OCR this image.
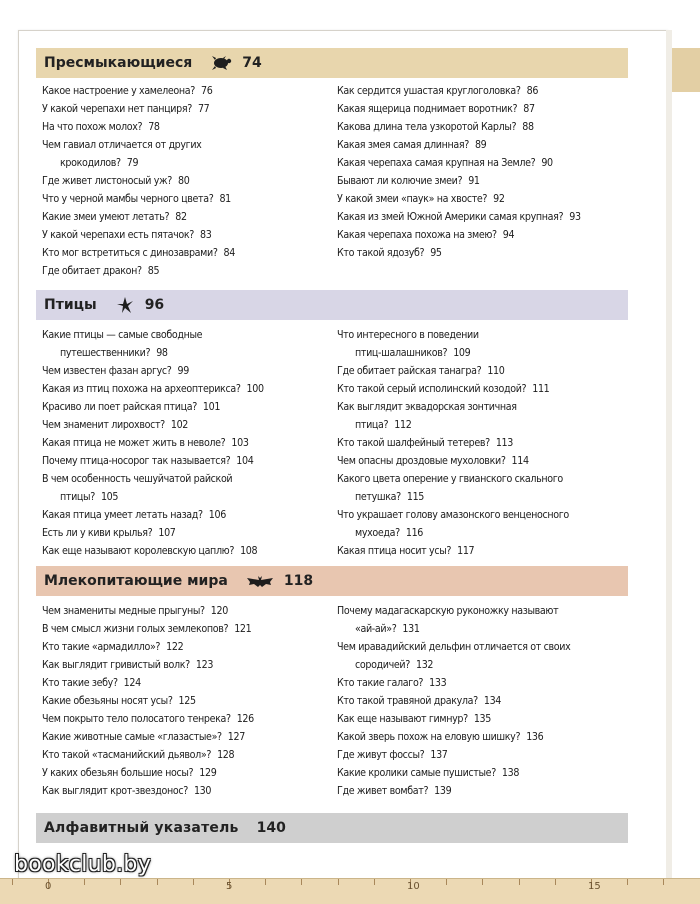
Пресмыкающиеся	74
Какое настроение у хамелеона? 76
У какой черепахи нет панциря? 77
На что похож молох? 78
Чем гавиал отличается от других
крокодилов? 79
Где живет листоносый уж? 80
Что у черной мамбы черного цвета? 81
Какие змеи умеют летать? 82
У какой черепахи есть пятачок? 83
Кто мог встретиться с динозаврами? 84
Где обитает дракон? 85
Как сердится ушастая круглоголовка? 86
Какая ящерица поднимает воротник? 87
Какова длина тела узкоротой Карлы? 88
Какая змея самая длинная? 89
Какая черепаха самая крупная на Земле? 90
Бывают ли колючие змеи? 91
У какой змеи «паук» на хвосте? 92
Какая из змей Южной Америки самая крупная? 93
Какая черепаха похожа на змею? 94
Кто такой ядозуб? 95
Птицы	96
Какие птицы — самые свободные
путешественники? 98
Чем известен фазан аргус? 99
Какая из птиц похожа на археоптерикса? 100
Красиво ли поет райская птица? 101
Чем знаменит лирохвост? 102
Какая птица не может жить в неволе? 103
Почему птица-носорог так называется? 104
В чем особенность чешуйчатой райской
птицы? 105
Какая птица умеет летать назад? 106
Есть ли у киви крылья? 107
Как еще называют королевскую цаплю? 108
Что интересного в поведении
птиц-шалашников? 109
Где обитает райская танагра? 110
Кто такой серый исполинский козодой? 111
Как выглядит эквадорская зонтичная
птица? 112
Кто такой шалфейный тетерев? 113
Чем опасны дроздовые мухоловки? 114
Какого цвета оперение у гвианского скального
петушка? 115
Что украшает голову амазонского венценосного
мухоеда? 116
Какая птица носит усы? 117
Млекопитающие мира	118
Чем знамениты медные прыгуны? 120
В чем смысл жизни голых землекопов? 121
Кто такие «армадиллo»? 122
Как выглядит гривистый волк? 123
Кто такие зебу? 124
Какие обезьяны носят усы? 125
Чем покрыто тело полосатого тенрека? 126
Какие животные самые «глазастые»? 127
Кто такой «тасманийский дьявол»? 128
У каких обезьян большие носы? 129
Как выглядит крот-звездонос? 130
Почему мадагаскарскую руконожку называют
«ай-ай»? 131
Чем иравадийский дельфин отличается от своих
сородичей? 132
Кто такие галаго? 133
Кто такой травяной дракула? 134
Как еще называют гимнур? 135
Какой зверь похож на еловую шишку? 136
Где живут фоссы? 137
Какие кролики самые пушистые? 138
Где живет вомбат? 139
Алфавитный указатель 140
0	5	10	15
bookclub.by
